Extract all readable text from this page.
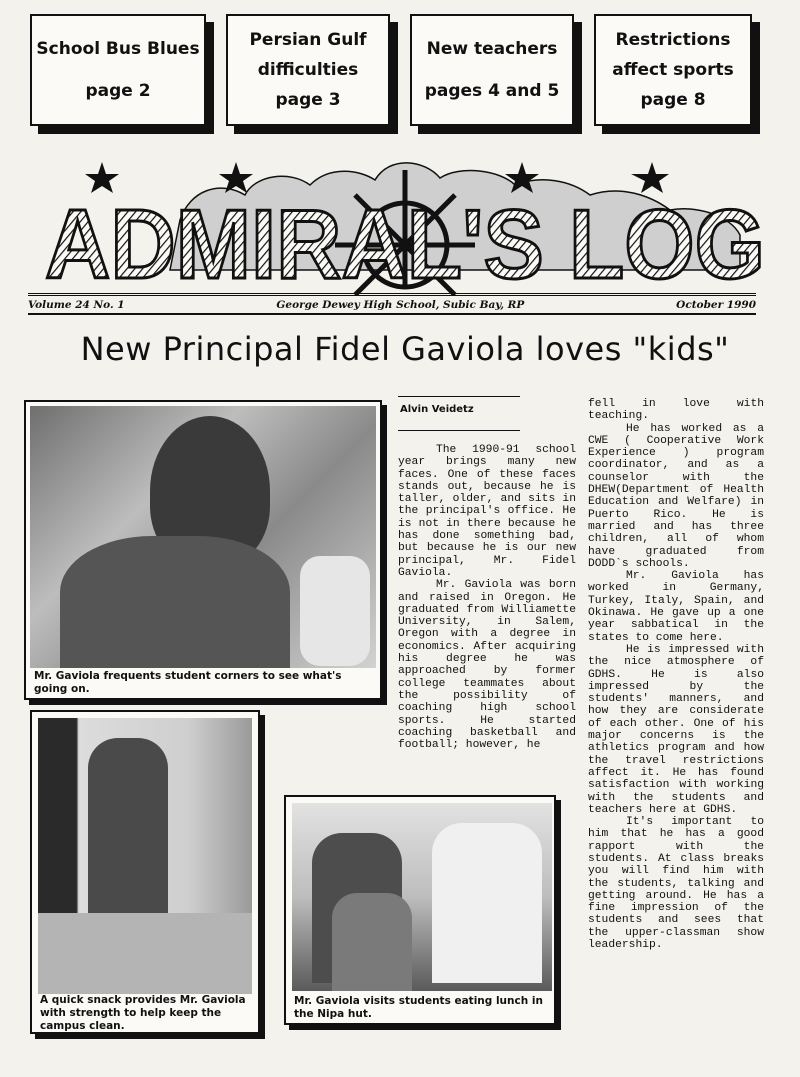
School Bus Blues
page 2
Persian Gulf
difficulties
page 3
New teachers
pages 4 and 5
Restrictions
affect sports
page 8
ADMIRAL'S LOG
Volume 24 No. 1	George Dewey High School, Subic Bay, RP	October 1990
New Principal Fidel Gaviola loves "kids"
Mr. Gaviola frequents student corners to see what's going on.
A quick snack provides Mr. Gaviola with strength to help keep the campus clean.
Mr. Gaviola visits students eating lunch in the Nipa hut.
Alvin Veidetz

The 1990-91 school year brings many new faces. One of these faces stands out, because he is taller, older, and sits in the principal's office. He is not in there because he has done something bad, but because he is our new principal, Mr. Fidel Gaviola.

Mr. Gaviola was born and raised in Oregon. He graduated from Williamette University, in Salem, Oregon with a degree in economics. After acquiring his degree he was approached by former college teammates about the possibility of coaching high school sports. He started coaching basketball and football; however, he

fell in love with teaching.

He has worked as a CWE ( Cooperative Work Experience ) program coordinator, and as a counselor with the DHEW(Department of Health Education and Welfare) in Puerto Rico. He is married and has three children, all of whom have graduated from DODD`s schools.

Mr. Gaviola has worked in Germany, Turkey, Italy, Spain, and Okinawa. He gave up a one year sabbatical in the states to come here.

He is impressed with the nice atmosphere of GDHS. He is also impressed by the students' manners, and how they are considerate of each other. One of his major concerns is the athletics program and how the travel restrictions affect it. He has found satisfaction with working with the students and teachers here at GDHS.

It's important to him that he has a good rapport with the students. At class breaks you will find him with the students, talking and getting around. He has a fine impression of the students and sees that the upper-classman show leadership.
